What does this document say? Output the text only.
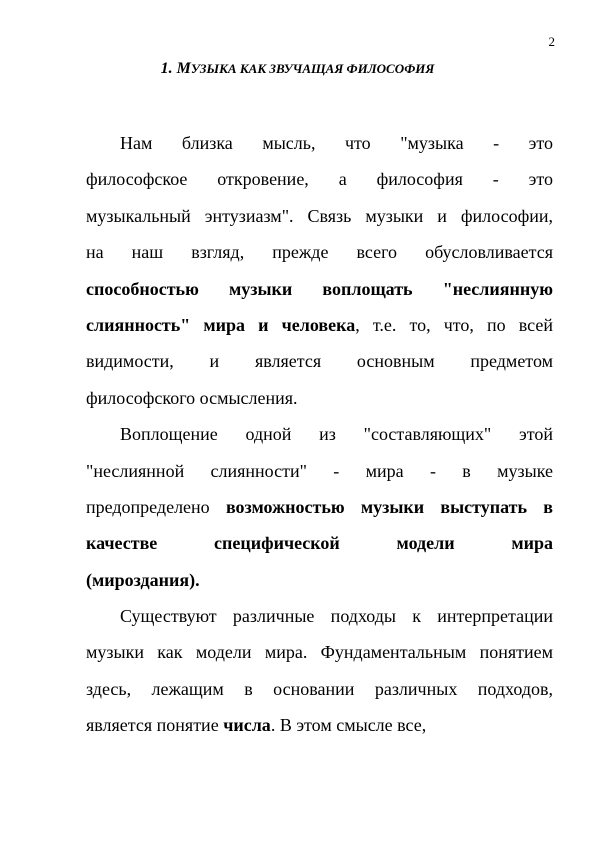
2
1. МУЗЫКА КАК ЗВУЧАЩАЯ ФИЛОСОФИЯ
Нам близка мысль, что "музыка - это
философское откровение, а философия - это
музыкальный энтузиазм". Связь музыки и философии,
на наш взгляд, прежде всего обусловливается
способностью музыки воплощать "неслиянную
слиянность" мира и человека, т.е. то, что, по всей
видимости, и является основным предметом
философского осмысления.
Воплощение одной из "составляющих" этой
"неслиянной слиянности" - мира - в музыке
предопределено возможностью музыки выступать в
качестве специфической модели мира
(мироздания).
Существуют различные подходы к интерпретации
музыки как модели мира. Фундаментальным понятием
здесь, лежащим в основании различных подходов,
является понятие числа. В этом смысле все,
